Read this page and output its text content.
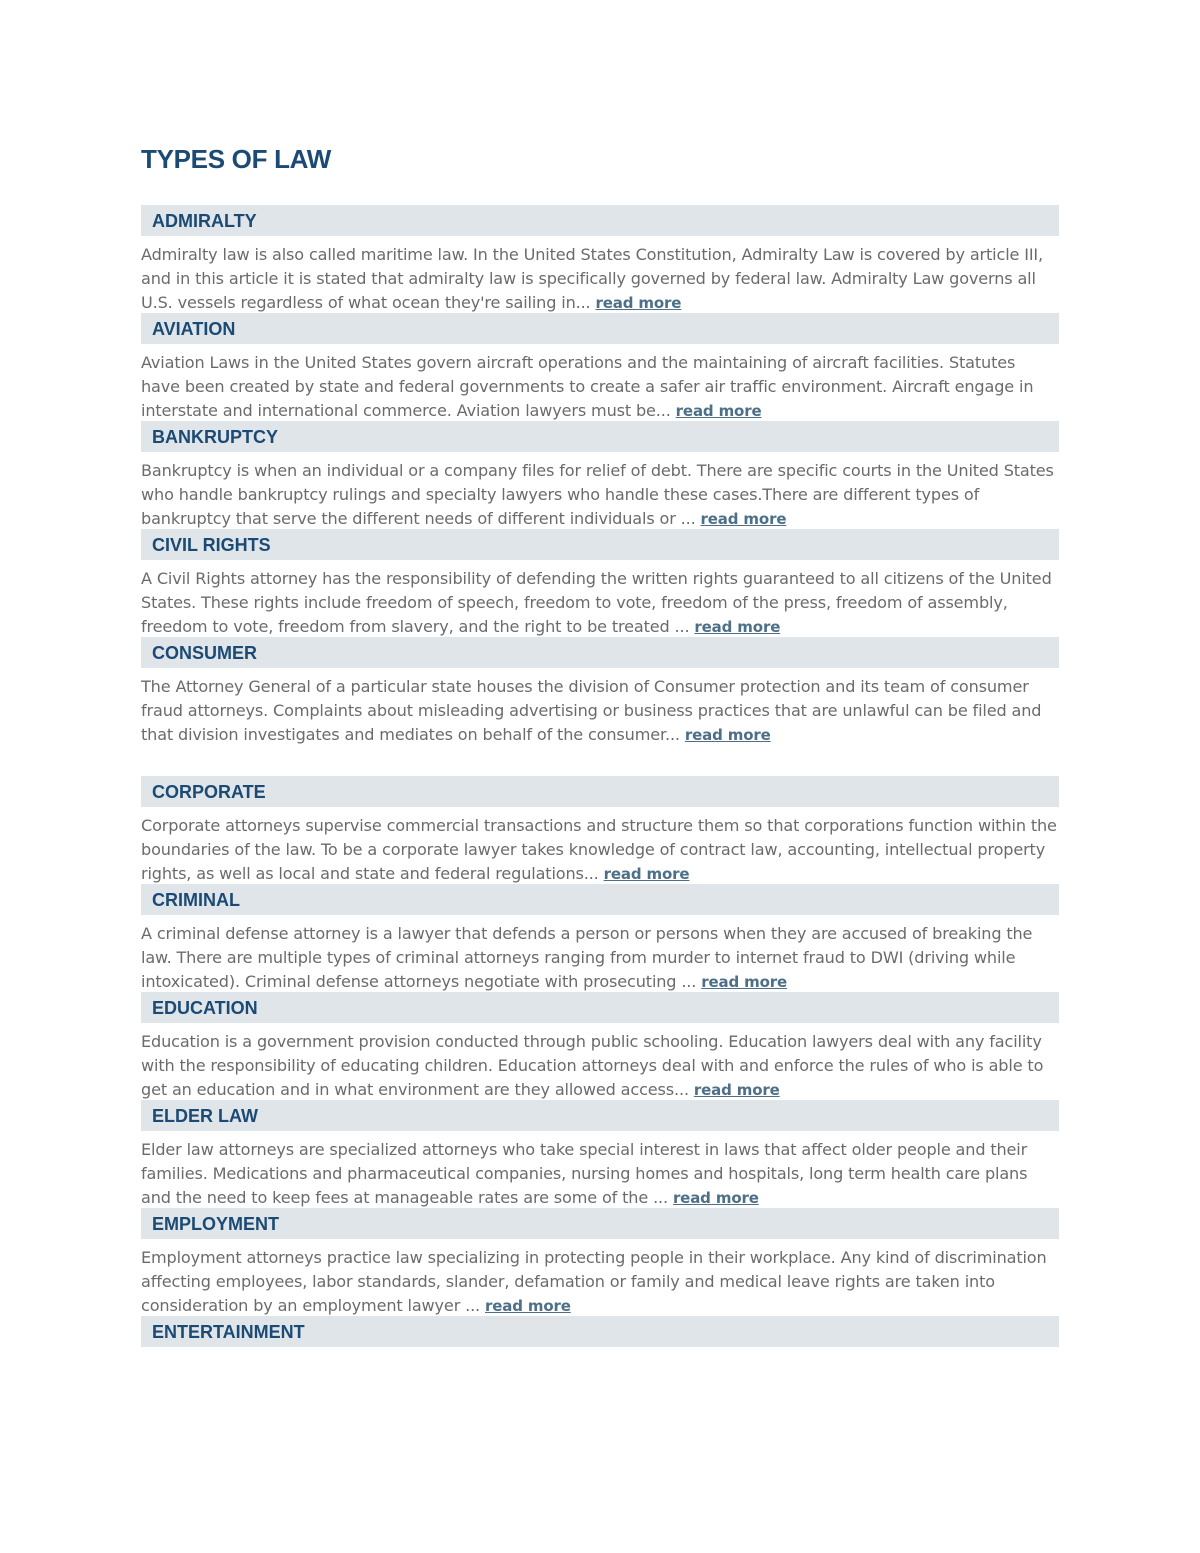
TYPES OF LAW
ADMIRALTY

Admiralty law is also called maritime law. In the United States Constitution, Admiralty Law is covered by article III, and in this article it is stated that admiralty law is specifically governed by federal law. Admiralty Law governs all U.S. vessels regardless of what ocean they're sailing in... read more

AVIATION

Aviation Laws in the United States govern aircraft operations and the maintaining of aircraft facilities. Statutes have been created by state and federal governments to create a safer air traffic environment. Aircraft engage in interstate and international commerce. Aviation lawyers must be... read more

BANKRUPTCY

Bankruptcy is when an individual or a company files for relief of debt. There are specific courts in the United States who handle bankruptcy rulings and specialty lawyers who handle these cases.There are different types of bankruptcy that serve the different needs of different individuals or ... read more

CIVIL RIGHTS

A Civil Rights attorney has the responsibility of defending the written rights guaranteed to all citizens of the United States. These rights include freedom of speech, freedom to vote, freedom of the press, freedom of assembly, freedom to vote, freedom from slavery, and the right to be treated ... read more

CONSUMER

The Attorney General of a particular state houses the division of Consumer protection and its team of consumer fraud attorneys. Complaints about misleading advertising or business practices that are unlawful can be filed and that division investigates and mediates on behalf of the consumer... read more

CORPORATE

Corporate attorneys supervise commercial transactions and structure them so that corporations function within the boundaries of the law. To be a corporate lawyer takes knowledge of contract law, accounting, intellectual property rights, as well as local and state and federal regulations... read more

CRIMINAL

A criminal defense attorney is a lawyer that defends a person or persons when they are accused of breaking the law. There are multiple types of criminal attorneys ranging from murder to internet fraud to DWI (driving while intoxicated). Criminal defense attorneys negotiate with prosecuting ... read more

EDUCATION

Education is a government provision conducted through public schooling. Education lawyers deal with any facility with the responsibility of educating children. Education attorneys deal with and enforce the rules of who is able to get an education and in what environment are they allowed access... read more

ELDER LAW

Elder law attorneys are specialized attorneys who take special interest in laws that affect older people and their families. Medications and pharmaceutical companies, nursing homes and hospitals, long term health care plans and the need to keep fees at manageable rates are some of the ... read more

EMPLOYMENT

Employment attorneys practice law specializing in protecting people in their workplace. Any kind of discrimination affecting employees, labor standards, slander, defamation or family and medical leave rights are taken into consideration by an employment lawyer ... read more

ENTERTAINMENT
